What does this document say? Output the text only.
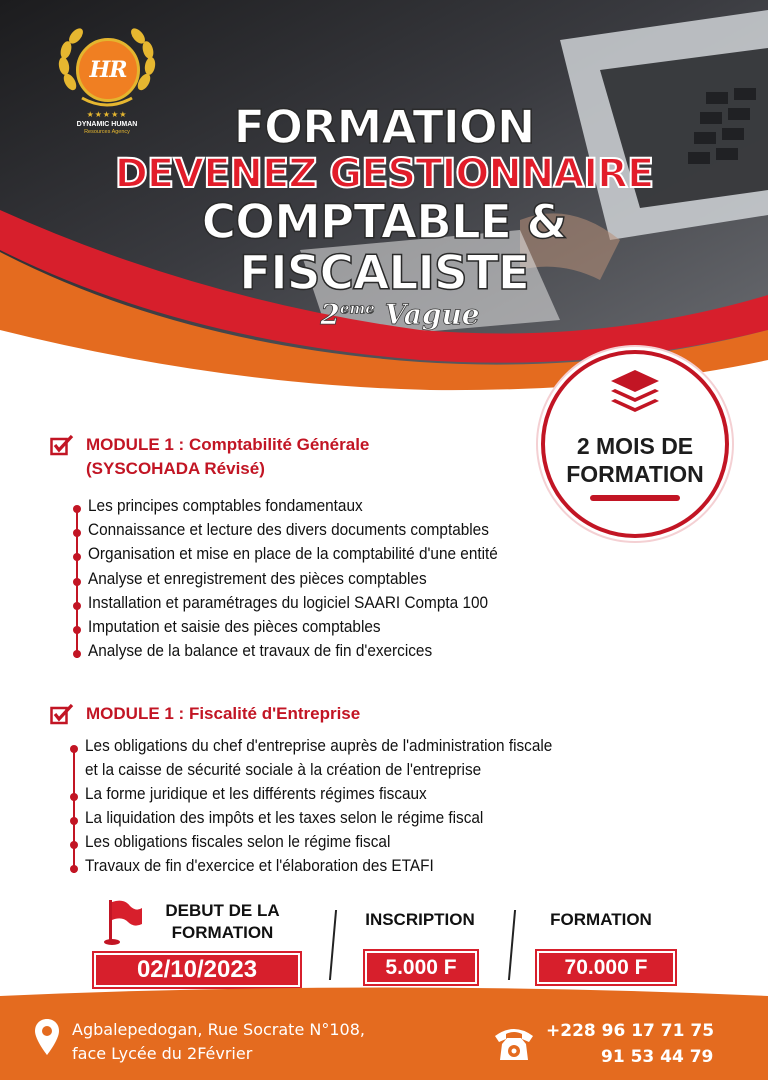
HR
★★★★★
DYNAMIC HUMAN
Resources Agency	FORMATION
DEVENEZ GESTIONNAIRE
COMPTABLE &
FISCALISTE
2eme Vague
2 MOIS DE
FORMATION
MODULE 1 : Comptabilité Générale
(SYSCOHADA Révisé)
Les principes comptables fondamentaux
Connaissance et lecture des divers documents comptables
Organisation et mise en place de la comptabilité d'une entité
Analyse et enregistrement des pièces comptables
Installation et paramétrages du logiciel SAARI Compta 100
Imputation et saisie des pièces comptables
Analyse de la balance et travaux de fin d'exercices
MODULE 1 : Fiscalité d'Entreprise
Les obligations du chef d'entreprise auprès de l'administration fiscale
et la caisse de sécurité sociale à la création de l'entreprise
La forme juridique et les différents régimes fiscaux
La liquidation des impôts et les taxes selon le régime fiscal
Les obligations fiscales selon le régime fiscal
Travaux de fin d'exercice et l'élaboration des ETAFI
DEBUT DE LA
FORMATION
02/10/2023
INSCRIPTION
5.000 F
FORMATION
70.000 F
Agbalepedogan, Rue Socrate N°108,
face Lycée du 2Février
+228 96 17 71 75
91 53 44 79
